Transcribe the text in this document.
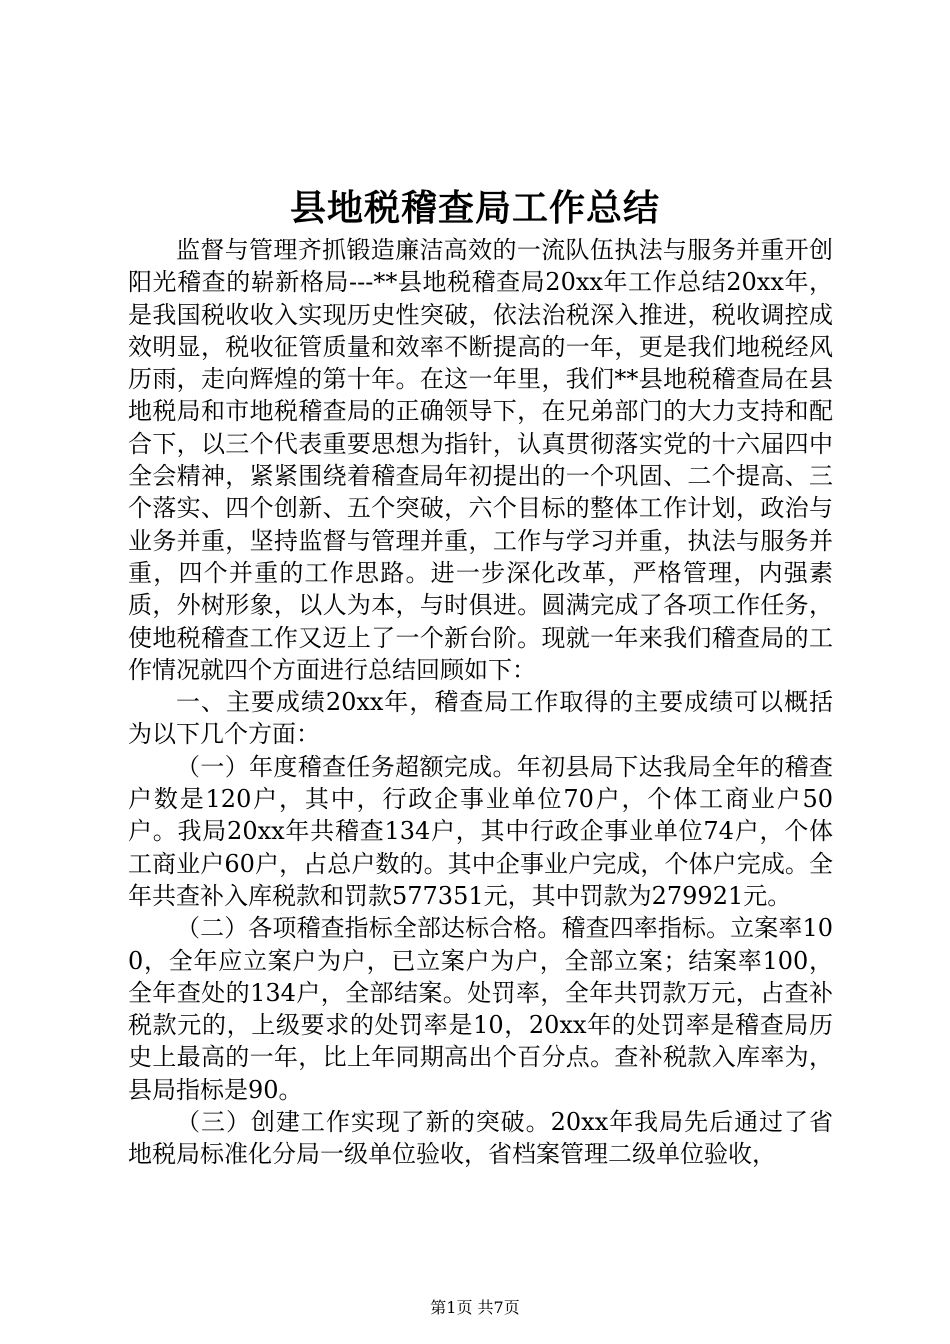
县地税稽查局工作总结

监督与管理齐抓锻造廉洁高效的一流队伍执法与服务并重开创阳光稽查的崭新格局---**县地税稽查局20xx年工作总结20xx年，是我国税收收入实现历史性突破，依法治税深入推进，税收调控成效明显，税收征管质量和效率不断提高的一年，更是我们地税经风历雨，走向辉煌的第十年。在这一年里，我们**县地税稽查局在县地税局和市地税稽查局的正确领导下，在兄弟部门的大力支持和配合下，以三个代表重要思想为指针，认真贯彻落实党的十六届四中全会精神，紧紧围绕着稽查局年初提出的一个巩固、二个提高、三个落实、四个创新、五个突破，六个目标的整体工作计划，政治与业务并重，坚持监督与管理并重，工作与学习并重，执法与服务并重，四个并重的工作思路。进一步深化改革，严格管理，内强素质，外树形象，以人为本，与时俱进。圆满完成了各项工作任务，使地税稽查工作又迈上了一个新台阶。现就一年来我们稽查局的工作情况就四个方面进行总结回顾如下：

一、主要成绩20xx年，稽查局工作取得的主要成绩可以概括为以下几个方面：

（一）年度稽查任务超额完成。年初县局下达我局全年的稽查户数是120户，其中，行政企事业单位70户，个体工商业户50户。我局20xx年共稽查134户，其中行政企事业单位74户，个体工商业户60户，占总户数的。其中企事业户完成，个体户完成。全年共查补入库税款和罚款577351元，其中罚款为279921元。

（二）各项稽查指标全部达标合格。稽查四率指标。立案率100，全年应立案户为户，已立案户为户，全部立案；结案率100，全年查处的134户，全部结案。处罚率，全年共罚款万元，占查补税款元的，上级要求的处罚率是10，20xx年的处罚率是稽查局历史上最高的一年，比上年同期高出个百分点。查补税款入库率为，县局指标是90。

（三）创建工作实现了新的突破。20xx年我局先后通过了省地税局标准化分局一级单位验收，省档案管理二级单位验收，

第1页 共7页
